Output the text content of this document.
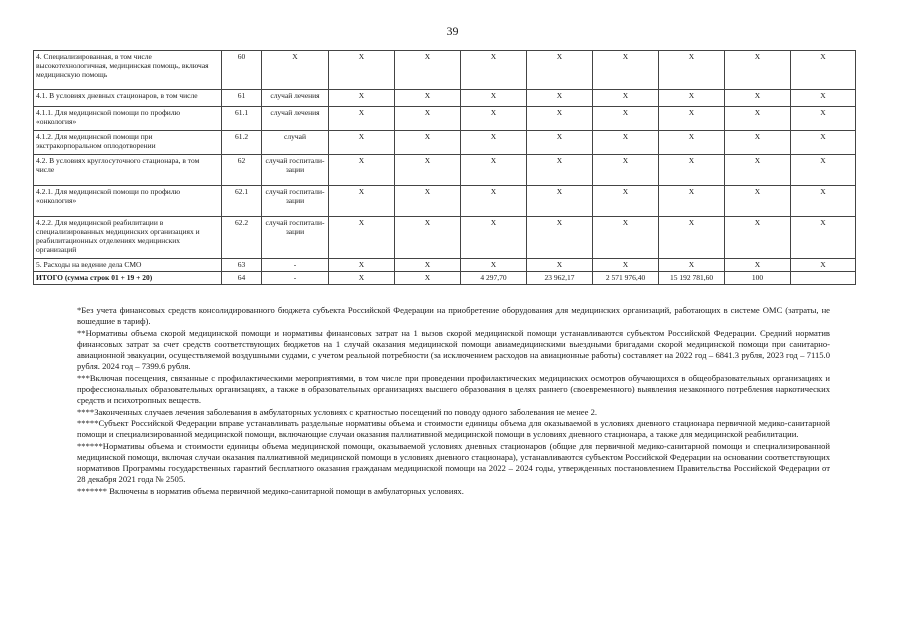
39
4. Специализированная, в том числе высокотехнологичная, медицинская помощь, включая медицинскую помощь	60	X	X	X	X	X	X	X	X	X
4.1. В условиях дневных стационаров, в том числе	61	случай лечения	X	X	X	X	X	X	X	X
4.1.1. Для медицинской помощи по профилю «онкология»	61.1	случай лечения	X	X	X	X	X	X	X	X
4.1.2. Для медицинской помощи при экстракорпоральном оплодотворении	61.2	случай	X	X	X	X	X	X	X	X
4.2. В условиях круглосуточного стационара, в том числе	62	случай госпитали-зации	X	X	X	X	X	X	X	X
4.2.1. Для медицинской помощи по профилю «онкология»	62.1	случай госпитали-зации	X	X	X	X	X	X	X	X
4.2.2. Для медицинской реабилитации в специализированных медицинских организациях и реабилитационных отделениях медицинских организаций	62.2	случай госпитали-зации	X	X	X	X	X	X	X	X
5. Расходы на ведение дела СМО	63	-	X	X	X	X	X	X	X	X
ИТОГО (сумма строк 01 + 19 + 20)	64	-	X	X	4 297,70	23 962,17	2 571 976,40	15 192 781,60	100	

*Без учета финансовых средств консолидированного бюджета субъекта Российской Федерации на приобретение оборудования для медицинских организаций, работающих в системе ОМС (затраты, не вошедшие в тариф).

**Нормативы объема скорой медицинской помощи и нормативы финансовых затрат на 1 вызов скорой медицинской помощи устанавливаются субъектом Российской Федерации. Средний норматив финансовых затрат за счет средств соответствующих бюджетов на 1 случай оказания медицинской помощи авиамедицинскими выездными бригадами скорой медицинской помощи при санитарно-авиационной эвакуации, осуществляемой воздушными судами, с учетом реальной потребности (за исключением расходов на авиационные работы) составляет на 2022 год – 6841.3 рубля, 2023 год – 7115.0 рубля. 2024 год – 7399.6 рубля.

***Включая посещения, связанные с профилактическими мероприятиями, в том числе при проведении профилактических медицинских осмотров обучающихся в общеобразовательных организациях и профессиональных образовательных организациях, а также в образовательных организациях высшего образования в целях раннего (своевременного) выявления незаконного потребления наркотических средств и психотропных веществ.

****Законченных случаев лечения заболевания в амбулаторных условиях с кратностью посещений по поводу одного заболевания не менее 2.

*****Субъект Российской Федерации вправе устанавливать раздельные нормативы объема и стоимости единицы объема для оказываемой в условиях дневного стационара первичной медико-санитарной помощи и специализированной медицинской помощи, включающие случаи оказания паллиативной медицинской помощи в условиях дневного стационара, а также для медицинской реабилитации.

******Нормативы объема и стоимости единицы объема медицинской помощи, оказываемой условиях дневных стационаров (общие для первичной медико-санитарной помощи и специализированной медицинской помощи, включая случаи оказания паллиативной медицинской помощи в условиях дневного стационара), устанавливаются субъектом Российской Федерации на основании соответствующих нормативов Программы государственных гарантий бесплатного оказания гражданам медицинской помощи на 2022 – 2024 годы, утвержденных постановлением Правительства Российской Федерации от 28 декабря 2021 года № 2505.

******* Включены в норматив объема первичной медико-санитарной помощи в амбулаторных условиях.
